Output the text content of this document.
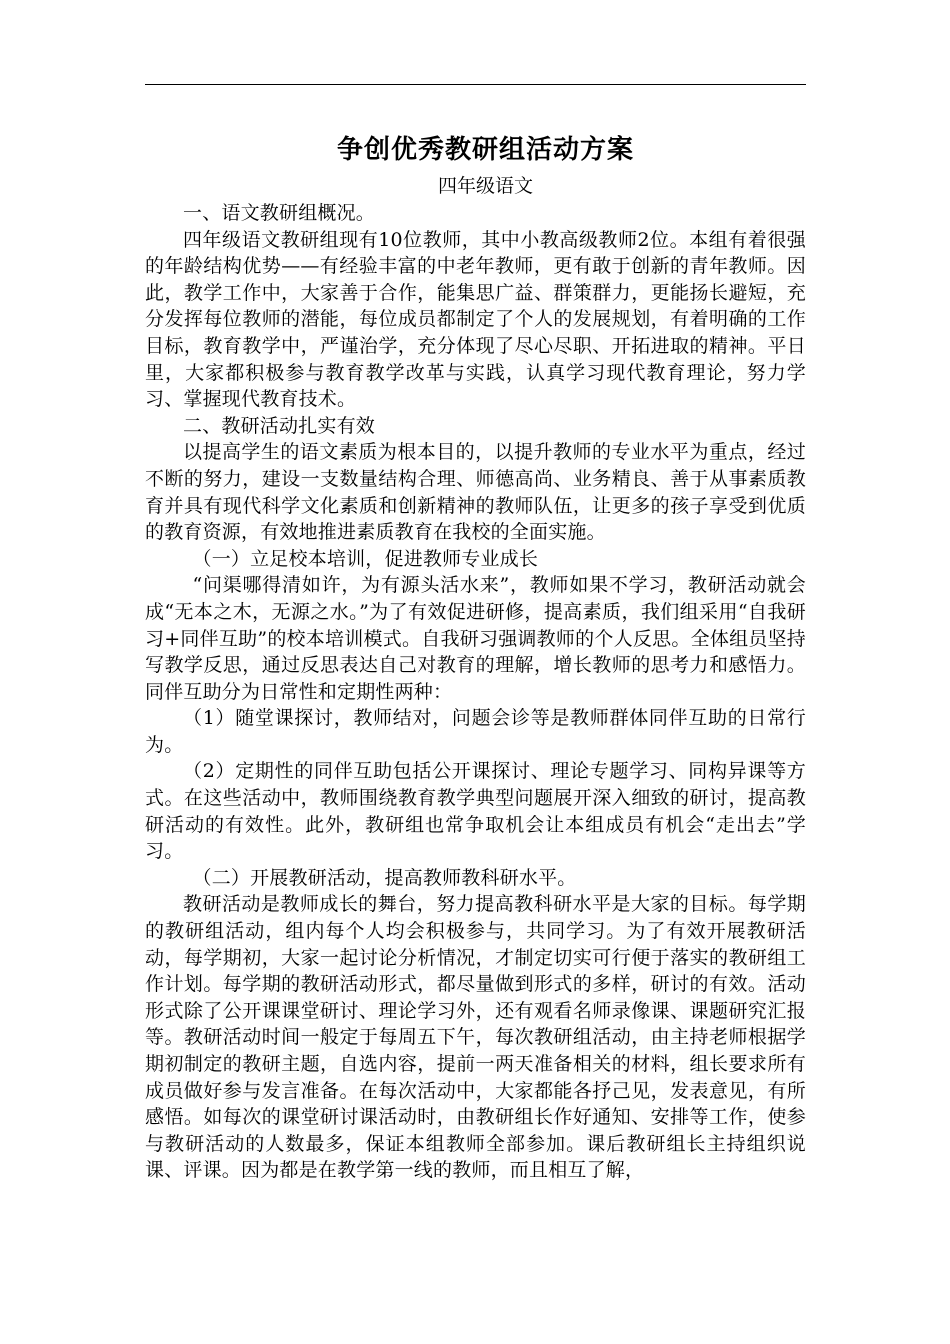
争创优秀教研组活动方案

四年级语文

一、语文教研组概况。

四年级语文教研组现有10位教师，其中小教高级教师2位。本组有着很强的年龄结构优势——有经验丰富的中老年教师，更有敢于创新的青年教师。因此，教学工作中，大家善于合作，能集思广益、群策群力，更能扬长避短，充分发挥每位教师的潜能，每位成员都制定了个人的发展规划，有着明确的工作目标，教育教学中，严谨治学，充分体现了尽心尽职、开拓进取的精神。平日里，大家都积极参与教育教学改革与实践，认真学习现代教育理论，努力学习、掌握现代教育技术。

二、教研活动扎实有效

以提高学生的语文素质为根本目的，以提升教师的专业水平为重点，经过不断的努力，建设一支数量结构合理、师德高尚、业务精良、善于从事素质教育并具有现代科学文化素质和创新精神的教师队伍，让更多的孩子享受到优质的教育资源，有效地推进素质教育在我校的全面实施。

（一）立足校本培训，促进教师专业成长

“问渠哪得清如许，为有源头活水来”，教师如果不学习，教研活动就会成“无本之木，无源之水。”为了有效促进研修，提高素质，我们组采用“自我研习+同伴互助”的校本培训模式。自我研习强调教师的个人反思。全体组员坚持写教学反思，通过反思表达自己对教育的理解，增长教师的思考力和感悟力。同伴互助分为日常性和定期性两种：

（1）随堂课探讨，教师结对，问题会诊等是教师群体同伴互助的日常行为。

（2）定期性的同伴互助包括公开课探讨、理论专题学习、同构异课等方式。在这些活动中，教师围绕教育教学典型问题展开深入细致的研讨，提高教研活动的有效性。此外，教研组也常争取机会让本组成员有机会“走出去”学习。

（二）开展教研活动，提高教师教科研水平。

教研活动是教师成长的舞台，努力提高教科研水平是大家的目标。每学期的教研组活动，组内每个人均会积极参与，共同学习。为了有效开展教研活动，每学期初，大家一起讨论分析情况，才制定切实可行便于落实的教研组工作计划。每学期的教研活动形式，都尽量做到形式的多样，研讨的有效。活动形式除了公开课课堂研讨、理论学习外，还有观看名师录像课、课题研究汇报等。教研活动时间一般定于每周五下午，每次教研组活动，由主持老师根据学期初制定的教研主题，自选内容，提前一两天准备相关的材料，组长要求所有成员做好参与发言准备。在每次活动中，大家都能各抒己见，发表意见，有所感悟。如每次的课堂研讨课活动时，由教研组长作好通知、安排等工作，使参与教研活动的人数最多，保证本组教师全部参加。课后教研组长主持组织说课、评课。因为都是在教学第一线的教师，而且相互了解，
